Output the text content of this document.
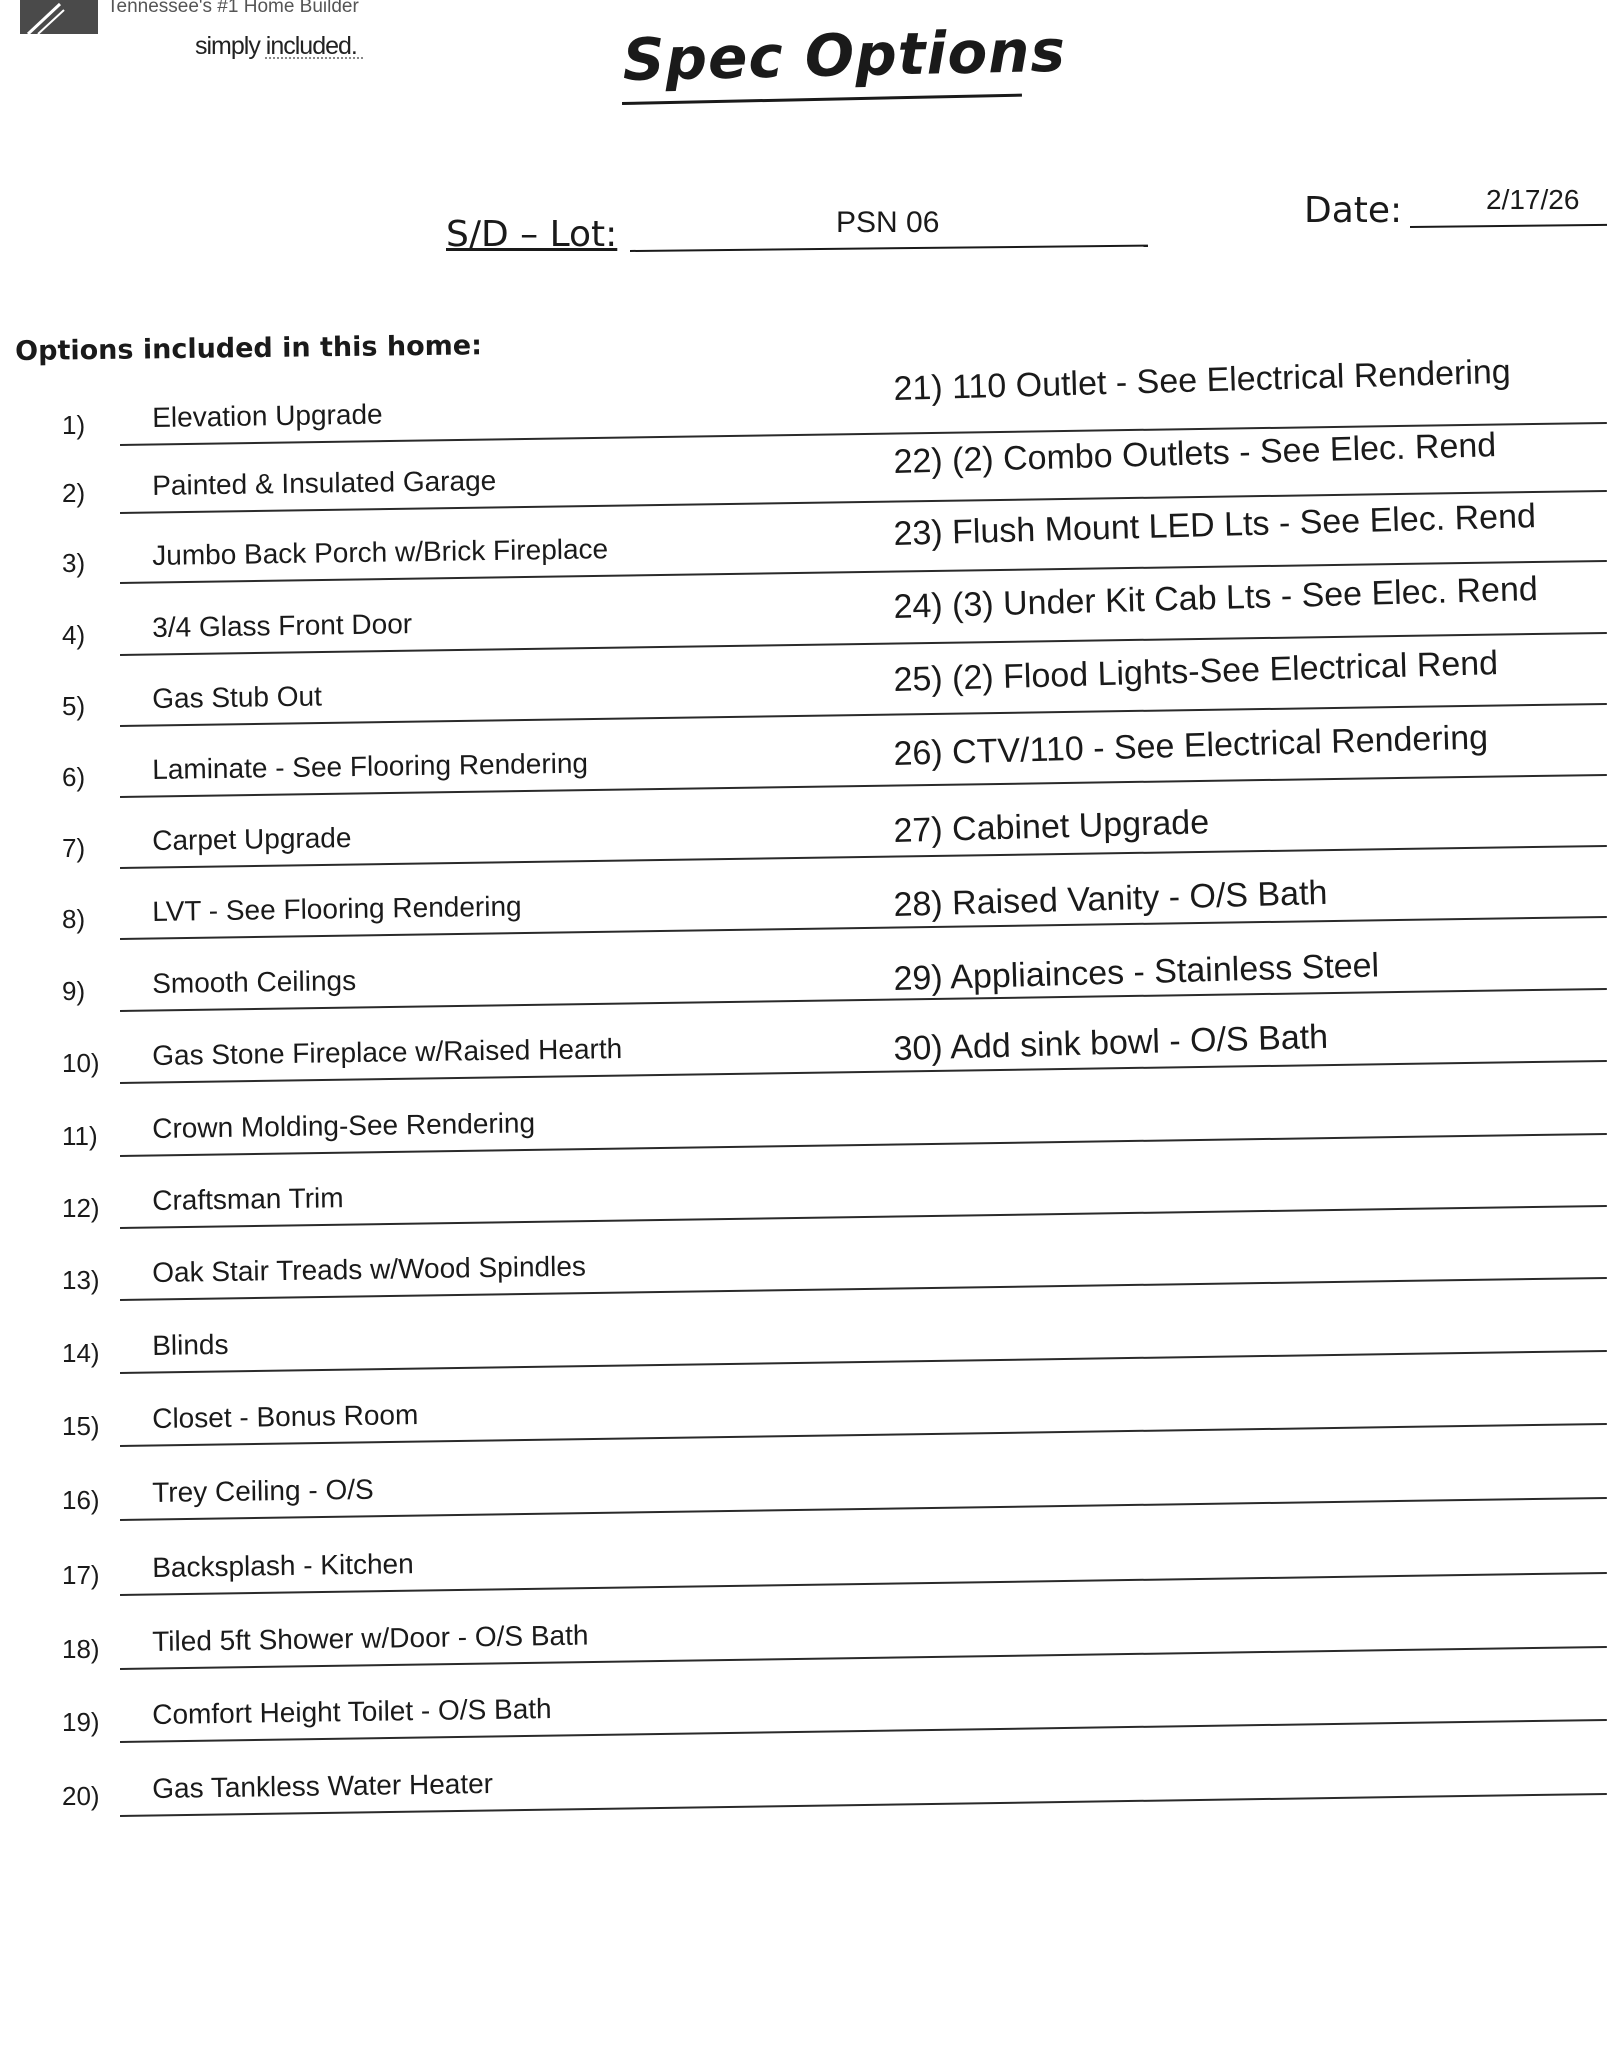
Tennessee's #1 Home Builder
simply included.	Spec Options
S/D – Lot:	PSN 06	Date:	2/17/26
Options included in this home:
1) Elevation Upgrade
2) Painted & Insulated Garage
3) Jumbo Back Porch w/Brick Fireplace
4) 3/4 Glass Front Door
5) Gas Stub Out
6) Laminate - See Flooring Rendering
7) Carpet Upgrade
8) LVT - See Flooring Rendering
9) Smooth Ceilings
10) Gas Stone Fireplace w/Raised Hearth
11) Crown Molding-See Rendering
12) Craftsman Trim
13) Oak Stair Treads w/Wood Spindles
14) Blinds
15) Closet - Bonus Room
16) Trey Ceiling - O/S
17) Backsplash - Kitchen
18) Tiled 5ft Shower w/Door - O/S Bath
19) Comfort Height Toilet - O/S Bath
20) Gas Tankless Water Heater
21) 110 Outlet - See Electrical Rendering
22) (2) Combo Outlets - See Elec. Rend
23) Flush Mount LED Lts - See Elec. Rend
24) (3) Under Kit Cab Lts - See Elec. Rend
25) (2) Flood Lights-See Electrical Rend
26) CTV/110 - See Electrical Rendering
27) Cabinet Upgrade
28) Raised Vanity - O/S Bath
29) Appliainces - Stainless Steel
30) Add sink bowl - O/S Bath
